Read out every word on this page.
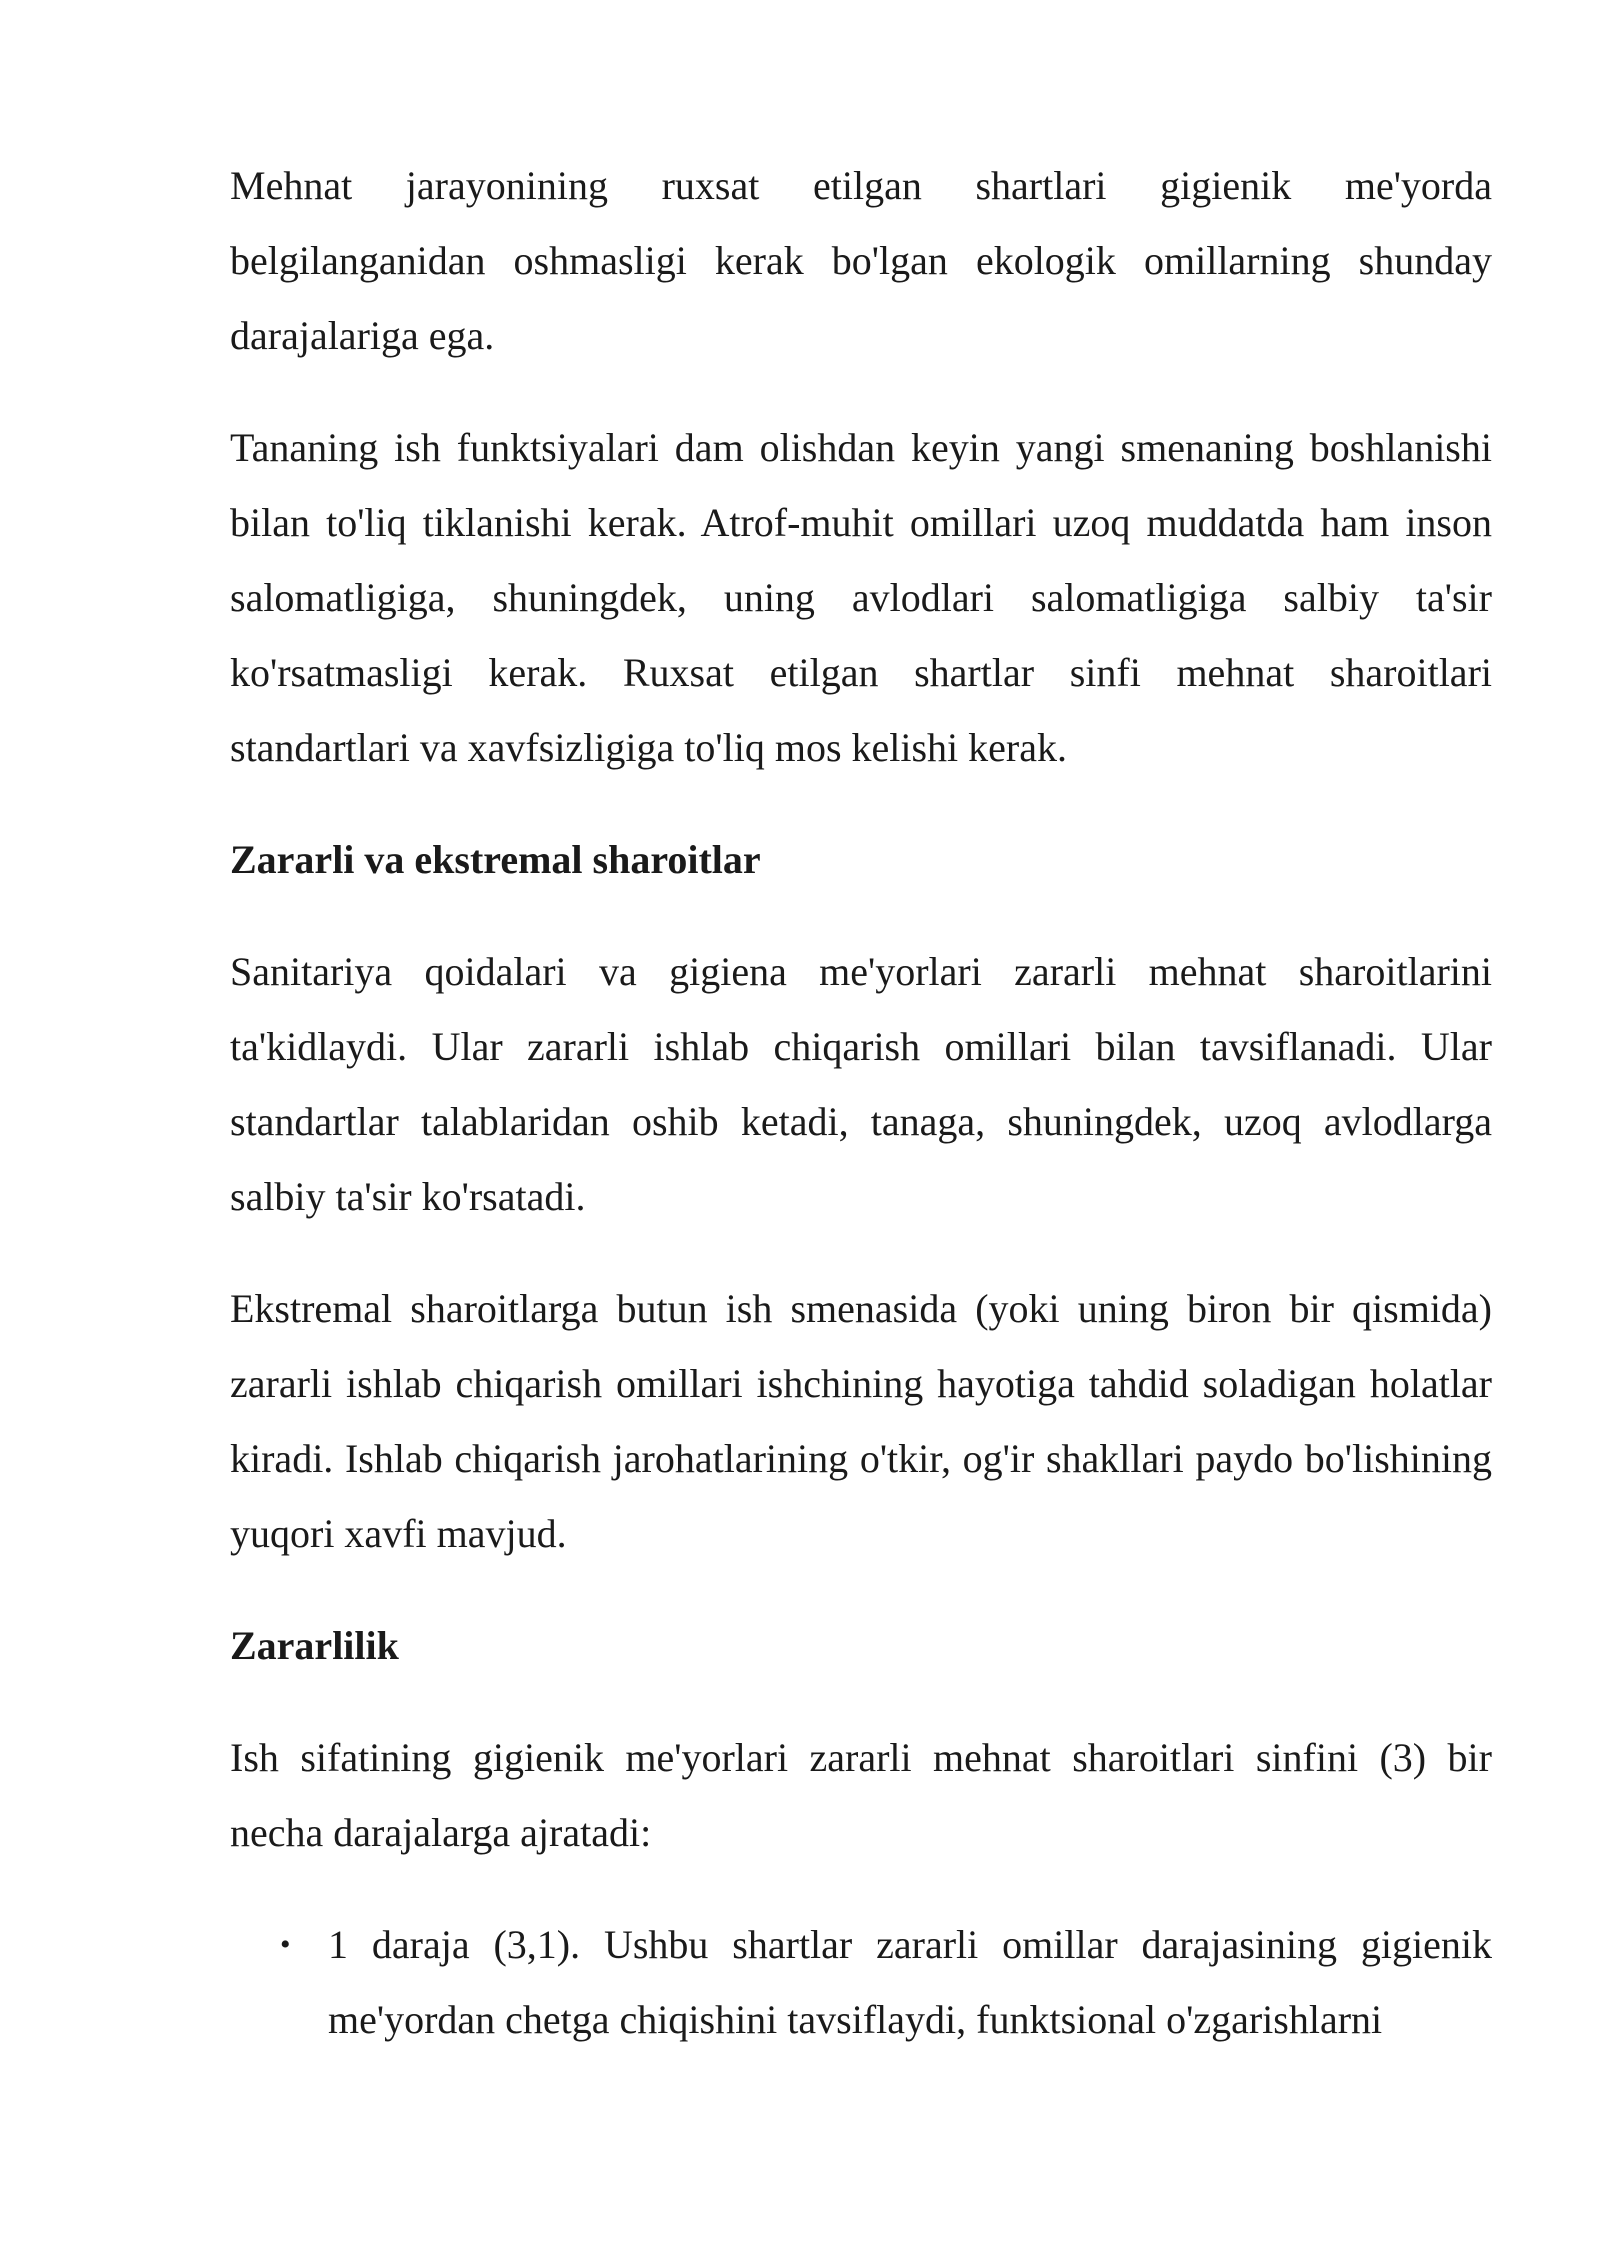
Mehnat jarayonining ruxsat etilgan shartlari gigienik me'yorda belgilanganidan oshmasligi kerak bo'lgan ekologik omillarning shunday darajalariga ega.

Tananing ish funktsiyalari dam olishdan keyin yangi smenaning boshlanishi bilan to'liq tiklanishi kerak. Atrof-muhit omillari uzoq muddatda ham inson salomatligiga, shuningdek, uning avlodlari salomatligiga salbiy ta'sir ko'rsatmasligi kerak. Ruxsat etilgan shartlar sinfi mehnat sharoitlari standartlari va xavfsizligiga to'liq mos kelishi kerak.

Zararli va ekstremal sharoitlar

Sanitariya qoidalari va gigiena me'yorlari zararli mehnat sharoitlarini ta'kidlaydi. Ular zararli ishlab chiqarish omillari bilan tavsiflanadi. Ular standartlar talablaridan oshib ketadi, tanaga, shuningdek, uzoq avlodlarga salbiy ta'sir ko'rsatadi.

Ekstremal sharoitlarga butun ish smenasida (yoki uning biron bir qismida) zararli ishlab chiqarish omillari ishchining hayotiga tahdid soladigan holatlar kiradi. Ishlab chiqarish jarohatlarining o'tkir, og'ir shakllari paydo bo'lishining yuqori xavfi mavjud.

Zararlilik

Ish sifatining gigienik me'yorlari zararli mehnat sharoitlari sinfini (3) bir necha darajalarga ajratadi:

• 1 daraja (3,1). Ushbu shartlar zararli omillar darajasining gigienik me'yordan chetga chiqishini tavsiflaydi, funktsional o'zgarishlarni
